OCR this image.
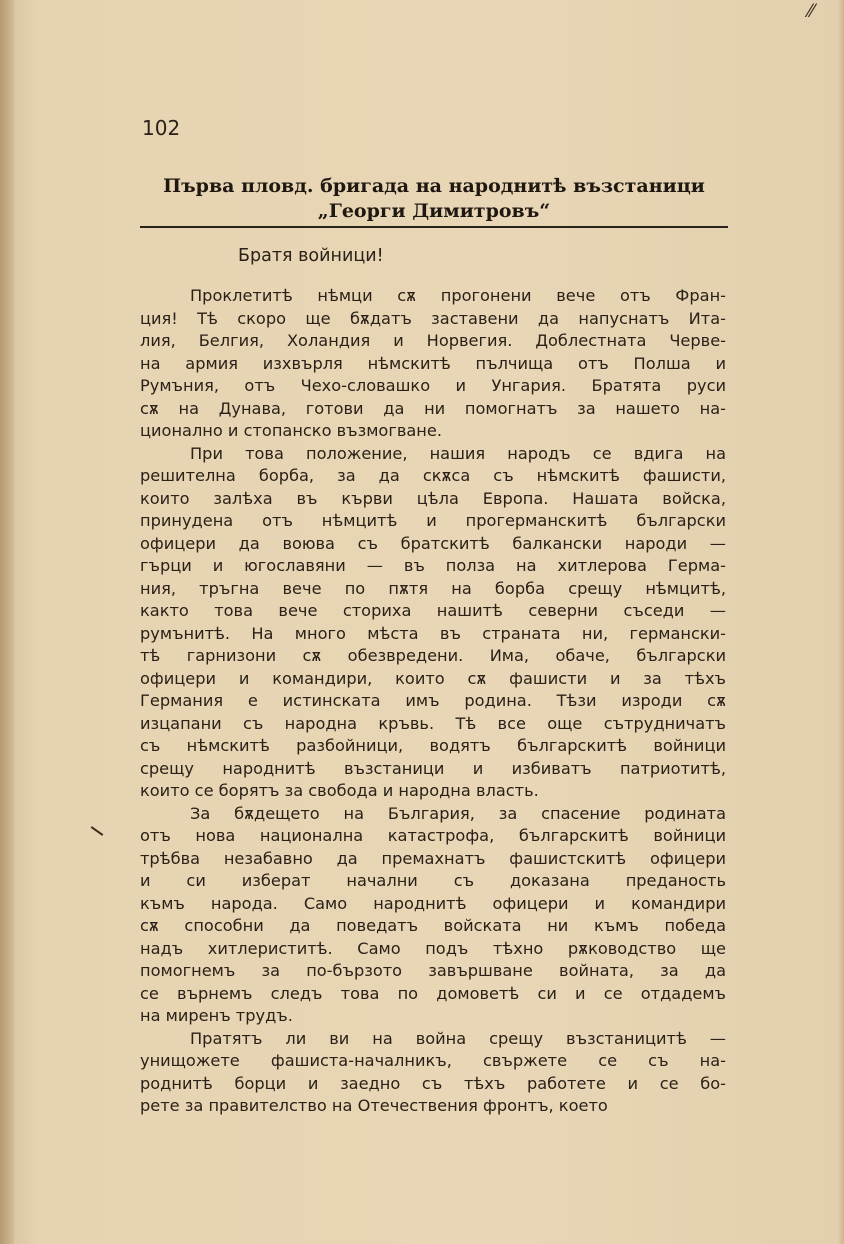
⁄⁄
102
Първа пловд. бригада на народнитѣ възстаници
„Георги Димитровъ“
Братя войници!
Проклетитѣ нѣмци сѫ прогонени вече отъ Фран-
ция! Тѣ скоро ще бѫдатъ заставени да напуснатъ Ита-
лия, Белгия, Холандия и Норвегия. Доблестната Черве-
на армия изхвърля нѣмскитѣ пълчища отъ Полша и
Румъния, отъ Чехо-словашко и Унгария. Братята руси
сѫ на Дунава, готови да ни помогнатъ за нашето на-
ционално и стопанско възмогване.
При това положение, нашия народъ се вдига на
решителна борба, за да скѫса съ нѣмскитѣ фашисти,
които залѣха въ кърви цѣла Европа. Нашата войска,
принудена отъ нѣмцитѣ и прогерманскитѣ български
офицери да воюва съ братскитѣ балкански народи —
гърци и югославяни — въ полза на хитлерова Герма-
ния, тръгна вече по пѫтя на борба срещу нѣмцитѣ,
както това вече сториха нашитѣ северни съседи —
румънитѣ. На много мѣста въ страната ни, германски-
тѣ гарнизони сѫ обезвредени. Има, обаче, български
офицери и командири, които сѫ фашисти и за тѣхъ
Германия е истинската имъ родина. Тѣзи изроди сѫ
изцапани съ народна кръвь. Тѣ все още сътрудничатъ
съ нѣмскитѣ разбойници, водятъ българскитѣ войници
срещу народнитѣ възстаници и избиватъ патриотитѣ,
които се борятъ за свобода и народна власть.
За бѫдещето на България, за спасение родината
отъ нова национална катастрофа, българскитѣ войници
трѣбва незабавно да премахнатъ фашистскитѣ офицери
и си изберат начални съ доказана преданость
къмъ народа. Само народнитѣ офицери и командири
сѫ способни да поведатъ войската ни къмъ победа
надъ хитлериститѣ. Само подъ тѣхно рѫководство ще
помогнемъ за по-бързото завършване войната, за да
се върнемъ следъ това по домоветѣ си и се отдадемъ
на миренъ трудъ.
Пратятъ ли ви на война срещу възстаницитѣ —
унищожете фашиста-началникъ, свържете се съ на-
роднитѣ борци и заедно съ тѣхъ работете и се бо-
рете за правителство на Отечествения фронтъ, което
